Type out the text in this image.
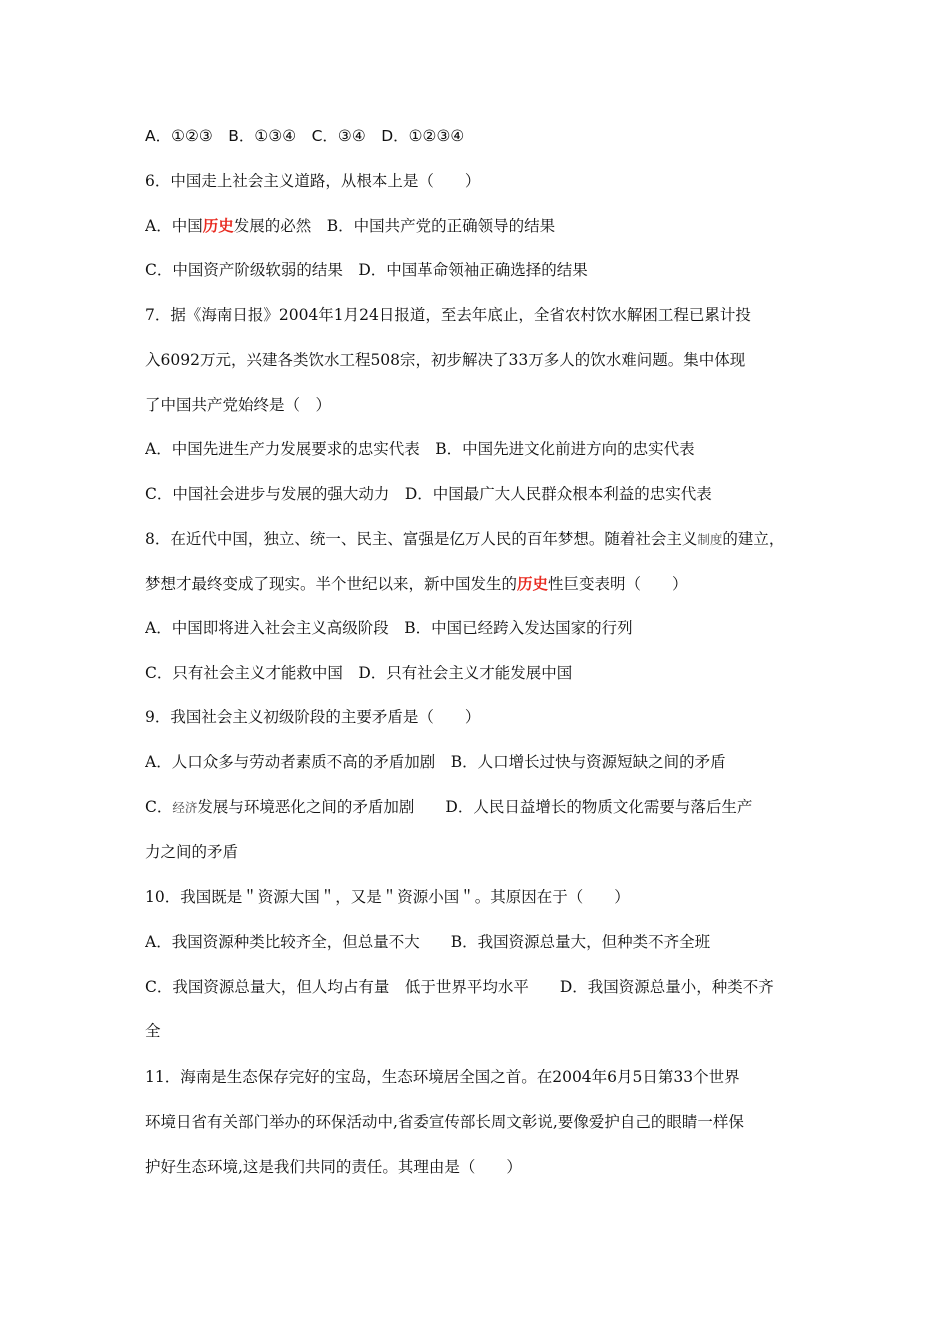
A．①②③　B．①③④　C．③④　D．①②③④
6．中国走上社会主义道路，从根本上是（　　）
A．中国历史发展的必然　B．中国共产党的正确领导的结果
C．中国资产阶级软弱的结果　D．中国革命领袖正确选择的结果
7．据《海南日报》2004年1月24日报道，至去年底止，全省农村饮水解困工程已累计投
入6092万元，兴建各类饮水工程508宗，初步解决了33万多人的饮水难问题。集中体现
了中国共产党始终是（　）
A．中国先进生产力发展要求的忠实代表　B．中国先进文化前进方向的忠实代表
C．中国社会进步与发展的强大动力　D．中国最广大人民群众根本利益的忠实代表
8．在近代中国，独立、统一、民主、富强是亿万人民的百年梦想。随着社会主义制度的建立，
梦想才最终变成了现实。半个世纪以来，新中国发生的历史性巨变表明（　　）
A．中国即将进入社会主义高级阶段　B．中国已经跨入发达国家的行列
C．只有社会主义才能救中国　D．只有社会主义才能发展中国
9．我国社会主义初级阶段的主要矛盾是（　　）
A．人口众多与劳动者素质不高的矛盾加剧　B．人口增长过快与资源短缺之间的矛盾
C．经济发展与环境恶化之间的矛盾加剧　　D．人民日益增长的物质文化需要与落后生产
力之间的矛盾
10．我国既是＂资源大国＂，又是＂资源小国＂。其原因在于（　　）
A．我国资源种类比较齐全，但总量不大　　B．我国资源总量大，但种类不齐全班
C．我国资源总量大，但人均占有量　低于世界平均水平　　D．我国资源总量小，种类不齐
全
11．海南是生态保存完好的宝岛，生态环境居全国之首。在2004年6月5日第33个世界
环境日省有关部门举办的环保活动中,省委宣传部长周文彰说,要像爱护自己的眼睛一样保
护好生态环境,这是我们共同的责任。其理由是（　　）
